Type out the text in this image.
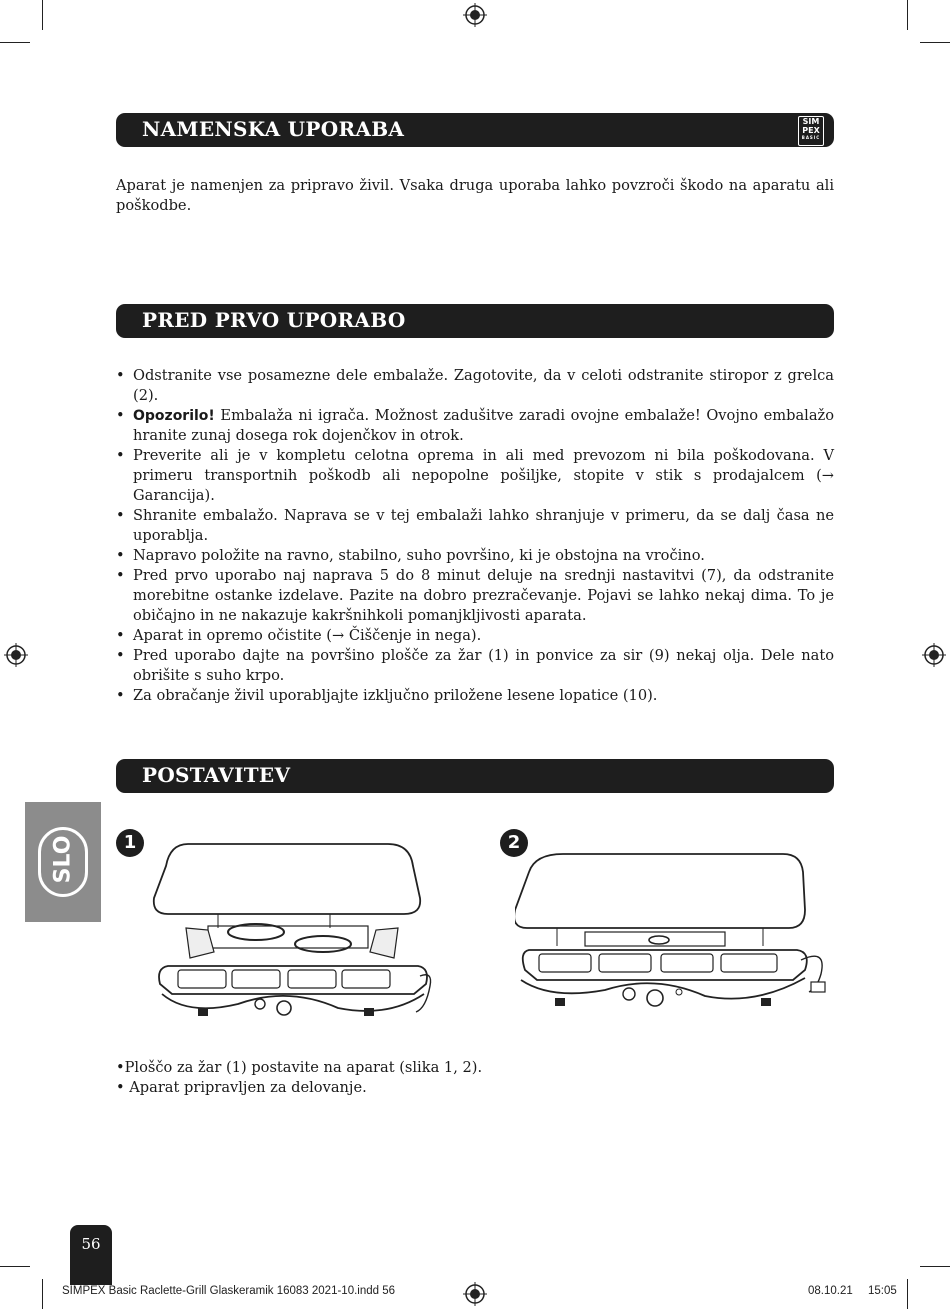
NAMENSKA UPORABA	SIM
PEX
BASIC
Aparat je namenjen za pripravo živil. Vsaka druga uporaba lahko povzroči škodo na aparatu ali poškodbe.
PRED PRVO UPORABO
• Odstranite vse posamezne dele embalaže. Zagotovite, da v celoti odstranite stiropor z grelca (2).
• Opozorilo! Embalaža ni igrača. Možnost zadušitve zaradi ovojne embalaže! Ovojno embalažo hranite zunaj dosega rok dojenčkov in otrok.
• Preverite ali je v kompletu celotna oprema in ali med prevozom ni bila poškodovana. V primeru transportnih poškodb ali nepopolne pošiljke, stopite v stik s prodajalcem (→ Garancija).
• Shranite embalažo. Naprava se v tej embalaži lahko shranjuje v primeru, da se dalj časa ne uporablja.
• Napravo položite na ravno, stabilno, suho površino, ki je obstojna na vročino.
• Pred prvo uporabo naj naprava 5 do 8 minut deluje na srednji nastavitvi (7), da odstranite morebitne ostanke izdelave. Pazite na dobro prezračevanje. Pojavi se lahko nekaj dima. To je običajno in ne nakazuje kakršnihkoli pomanjkljivosti aparata.
• Aparat in opremo očistite (→ Čiščenje in nega).
• Pred uporabo dajte na površino plošče za žar (1) in ponvice za sir (9) nekaj olja. Dele nato obrišite s suho krpo.
• Za obračanje živil uporabljajte izključno priložene lesene lopatice (10).
POSTAVITEV
SLO	1	2
•Ploščo za žar (1) postavite na aparat (slika 1, 2).
• Aparat pripravljen za delovanje.
56
SIMPEX Basic Raclette-Grill Glaskeramik 16083 2021-10.indd 56	08.10.21 15:05
